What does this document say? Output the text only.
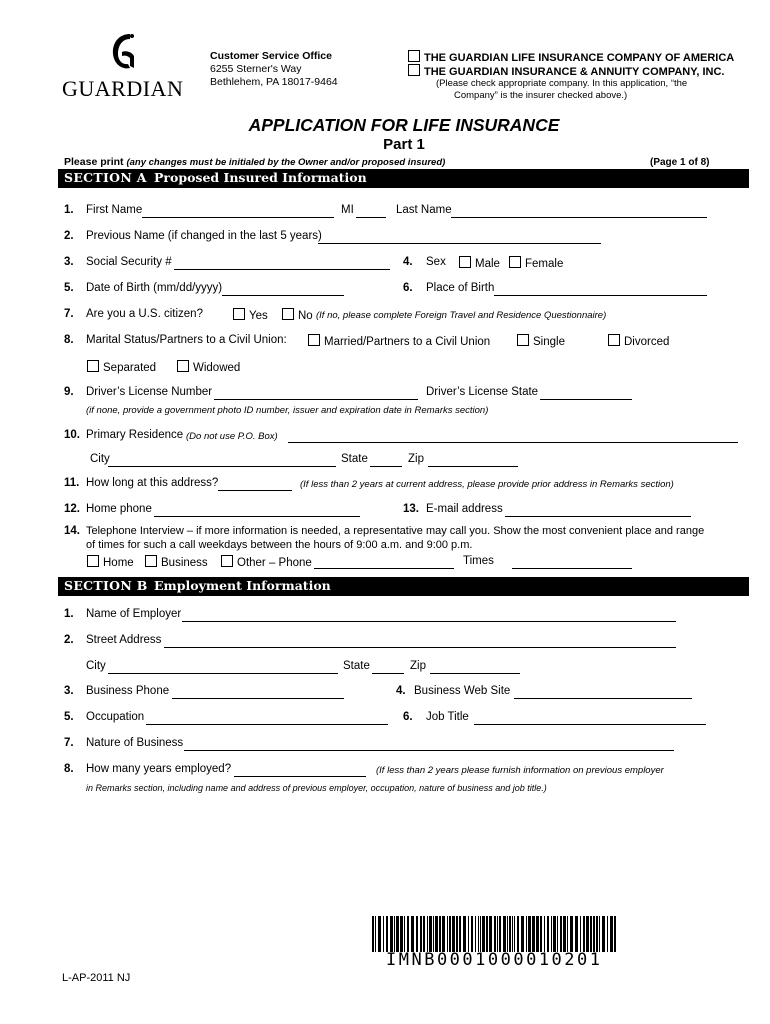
GUARDIAN
Customer Service Office
6255 Sterner's Way
Bethlehem, PA 18017-9464
THE GUARDIAN LIFE INSURANCE COMPANY OF AMERICA
THE GUARDIAN INSURANCE & ANNUITY COMPANY, INC.
(Please check appropriate company. In this application, “the
Company” is the insurer checked above.)
APPLICATION FOR LIFE INSURANCE
Part 1
Please print (any changes must be initialed by the Owner and/or proposed insured)	(Page 1 of 8)
SECTION A Proposed Insured Information
1. First Name	MI	Last Name
2. Previous Name (if changed in the last 5 years)
3. Social Security #	4. Sex	Male	Female
5. Date of Birth (mm/dd/yyyy)	6. Place of Birth
7. Are you a U.S. citizen?	Yes	No (If no, please complete Foreign Travel and Residence Questionnaire)
8. Marital Status/Partners to a Civil Union:	Married/Partners to a Civil Union	Single	Divorced
Separated	Widowed
9. Driver’s License Number	Driver’s License State
(if none, provide a government photo ID number, issuer and expiration date in Remarks section)
10. Primary Residence (Do not use P.O. Box)
City	State	Zip
11. How long at this address?	(If less than 2 years at current address, please provide prior address in Remarks section)
12. Home phone	13. E-mail address
14. Telephone Interview – if more information is needed, a representative may call you. Show the most convenient place and range
of times for such a call weekdays between the hours of 9:00 a.m. and 9:00 p.m.
Home	Business	Other – Phone	Times
SECTION B Employment Information
1. Name of Employer
2. Street Address
City	State	Zip
3. Business Phone	4. Business Web Site
5. Occupation	6. Job Title
7. Nature of Business
8. How many years employed?	(If less than 2 years please furnish information on previous employer
in Remarks section, including name and address of previous employer, occupation, nature of business and job title.)
IMNB0001000010201
L-AP-2011 NJ
